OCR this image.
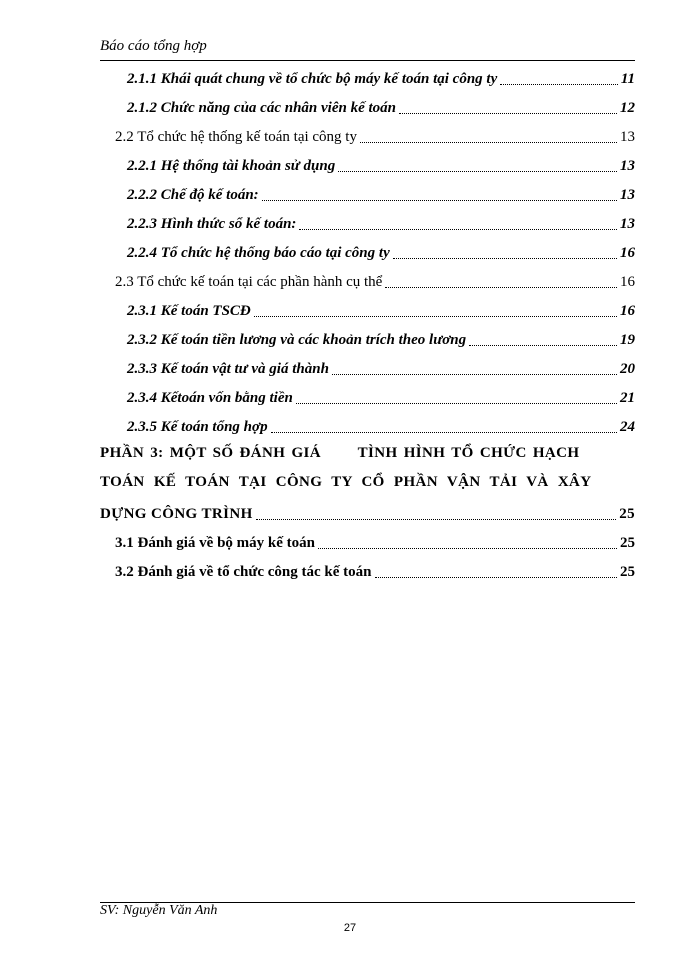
Báo cáo tổng hợp
2.1.1 Khái quát chung về tổ chức bộ máy kế toán tại công ty	11
2.1.2 Chức năng của các nhân viên kế toán	12
2.2 Tổ chức hệ thống kế toán tại công ty	13
2.2.1 Hệ thống tài khoản sử dụng	13
2.2.2 Chế độ kế toán:	13
2.2.3 Hình thức sổ kế toán:	13
2.2.4 Tổ chức hệ thống báo cáo tại công ty	16
2.3 Tổ chức kế toán tại các phần hành cụ thể	16
2.3.1 Kế toán TSCĐ	16
2.3.2 Kế toán tiền lương và các khoản trích theo lương	19
2.3.3 Kế toán vật tư và giá thành	20
2.3.4 Kếtoán vốn bằng tiền	21
2.3.5 Kế toán tổng hợp	24
PHẦN 3: MỘT SỐ ĐÁNH GIÁ      TÌNH HÌNH TỔ CHỨC HẠCH
TOÁN KẾ TOÁN TẠI CÔNG TY CỔ PHẦN VẬN TẢI VÀ XÂY
DỰNG CÔNG TRÌNH	25
3.1 Đánh giá về bộ máy kế toán	25
3.2 Đánh giá về tổ chức công tác kế toán	25
SV: Nguyễn Văn Anh
27
